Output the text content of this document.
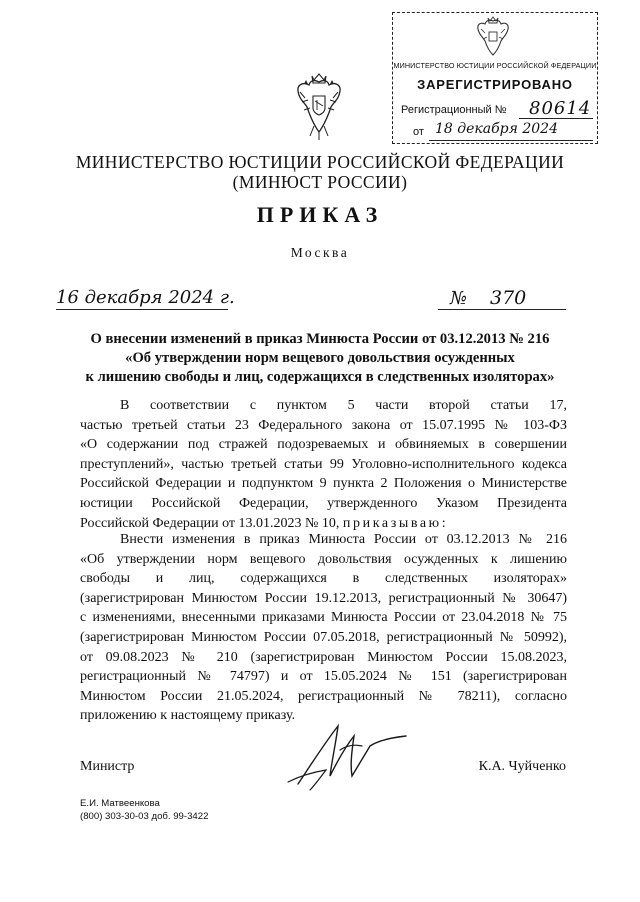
МИНИСТЕРСТВО ЮСТИЦИИ РОССИЙСКОЙ ФЕДЕРАЦИИ
ЗАРЕГИСТРИРОВАНО
Регистрационный № 80614
от 18 декабря 2024
МИНИСТЕРСТВО ЮСТИЦИИ РОССИЙСКОЙ ФЕДЕРАЦИИ
(МИНЮСТ РОССИИ)
ПРИКАЗ
Москва
16 декабря 2024 г.	№ 370
О внесении изменений в приказ Минюста России от 03.12.2013 № 216
«Об утверждении норм вещевого довольствия осужденных
к лишению свободы и лиц, содержащихся в следственных изоляторах»
В соответствии с пунктом 5 части второй статьи 17,
частью третьей статьи 23 Федерального закона от 15.07.1995 № 103-ФЗ
«О содержании под стражей подозреваемых и обвиняемых в совершении
преступлений», частью третьей статьи 99 Уголовно-исполнительного кодекса
Российской Федерации и подпунктом 9 пункта 2 Положения о Министерстве
юстиции Российской Федерации, утвержденного Указом Президента
Российской Федерации от 13.01.2023 № 10, приказываю:
Внести изменения в приказ Минюста России от 03.12.2013 № 216
«Об утверждении норм вещевого довольствия осужденных к лишению
свободы и лиц, содержащихся в следственных изоляторах»
(зарегистрирован Минюстом России 19.12.2013, регистрационный № 30647)
с изменениями, внесенными приказами Минюста России от 23.04.2018 № 75
(зарегистрирован Минюстом России 07.05.2018, регистрационный № 50992),
от 09.08.2023 № 210 (зарегистрирован Минюстом России 15.08.2023,
регистрационный № 74797) и от 15.05.2024 № 151 (зарегистрирован
Минюстом России 21.05.2024, регистрационный № 78211), согласно
приложению к настоящему приказу.
Министр	К.А. Чуйченко
Е.И. Матвеенкова
(800) 303-30-03 доб. 99-3422
